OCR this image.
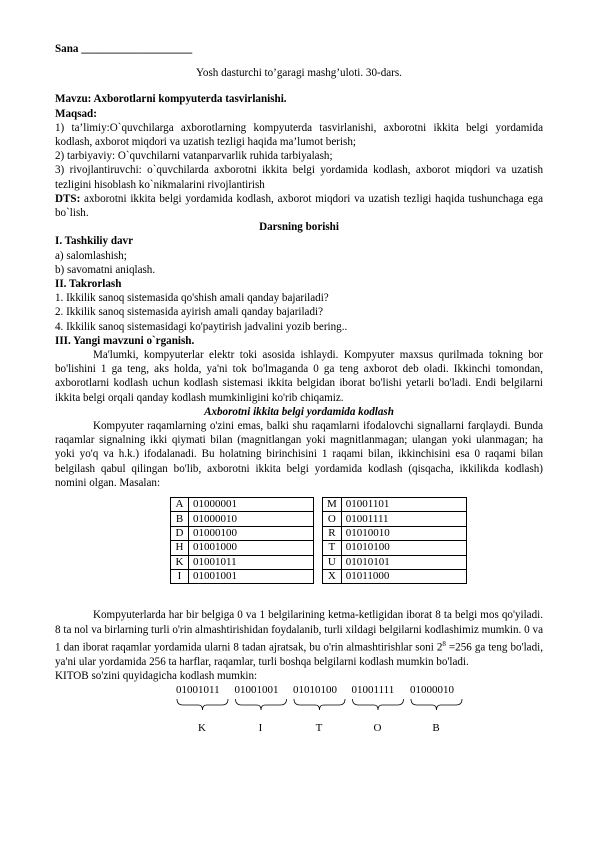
Sana ____________________

Yosh dasturchi to’garagi mashg’uloti. 30-dars.

Mavzu: Axborotlarni kompyuterda tasvirlanishi.

Maqsad:

1) ta’limiy:O`quvchilarga axborotlarning kompyuterda tasvirlanishi, axborotni ikkita belgi yordamida kodlash, axborot miqdori va uzatish tezligi haqida ma’lumot berish;

2) tarbiyaviy: O`quvchilarni vatanparvarlik ruhida tarbiyalash;

3) rivojlantiruvchi: o`quvchilarda axborotni ikkita belgi yordamida kodlash, axborot miqdori va uzatish tezligini hisoblash ko`nikmalarini rivojlantirish

DTS: axborotni ikkita belgi yordamida kodlash, axborot miqdori va uzatish tezligi haqida tushunchaga ega bo`lish.

Darsning borishi

I. Tashkiliy davr

a) salomlashish;

b) savomatni aniqlash.

II. Takrorlash

1. Ikkilik sanoq sistemasida qo'shish amali qanday bajariladi?

2. Ikkilik sanoq sistemasida ayirish amali qanday bajariladi?

4. Ikkilik sanoq sistemasidagi ko'paytirish jadvalini yozib bering..

III. Yangi mavzuni o`rganish.

Ma'lumki, kompyuterlar elektr toki asosida ishlaydi. Kompyuter maxsus qurilmada tokning bor bo'lishini 1 ga teng, aks holda, ya'ni tok bo'lmaganda 0 ga teng axborot deb oladi. Ikkinchi tomondan, axborotlarni kodlash uchun kodlash sistemasi ikkita belgidan iborat bo'lishi yetarli bo'ladi. Endi belgilarni ikkita belgi orqali qanday kodlash mumkinligini ko'rib chiqamiz.

Axborotni ikkita belgi yordamida kodlash

Kompyuter raqamlarning o'zini emas, balki shu raqamlarni ifodalovchi signallarni farqlaydi. Bunda raqamlar signalning ikki qiymati bilan (magnitlangan yoki magnitlanmagan; ulangan yoki ulanmagan; ha yoki yo'q va h.k.) ifodalanadi. Bu holatning birinchisini 1 raqami bilan, ikkinchisini esa 0 raqami bilan belgilash qabul qilingan bo'lib, axborotni ikkita belgi yordamida kodlash (qisqacha, ikkilikda kodlash) nomini olgan. Masalan:

A	01000001		M	01001101
B	01000010		O	01001111
D	01000100		R	01010010
H	01001000		T	01010100
K	01001011		U	01010101
I	01001001		X	01011000

Kompyuterlarda har bir belgiga 0 va 1 belgilarining ketma-ketligidan iborat 8 ta belgi mos qo'yiladi. 8 ta nol va birlarning turli o'rin almashtirishidan foydalanib, turli xildagi belgilarni kodlashimiz mumkin. 0 va 1 dan iborat raqamlar yordamida ularni 8 tadan ajratsak, bu o'rin almashtirishlar soni $2^8 =256$ ga teng bo'ladi, ya'ni ular yordamida 256 ta harflar, raqamlar, turli boshqa belgilarni kodlash mumkin bo'ladi.

KITOB so'zini quyidagicha kodlash mumkin:

01001011
K
01001001
I
01010100
T
01001111
O
01000010
B
